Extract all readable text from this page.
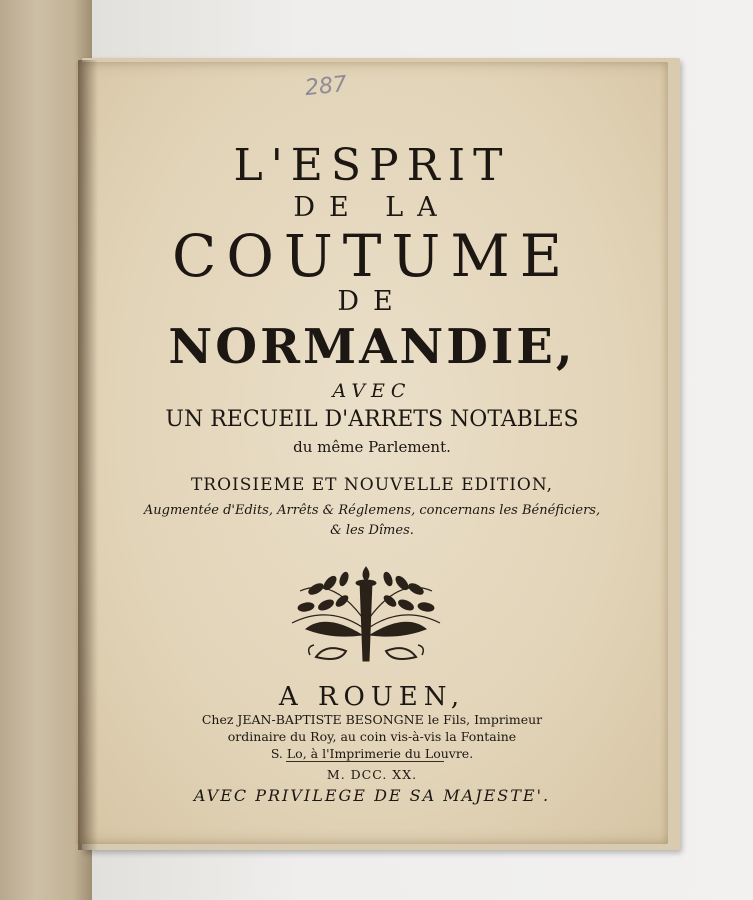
287
L'ESPRIT
DE LA
COUTUME
DE
NORMANDIE,
AVEC
UN RECUEIL D'ARRETS NOTABLES
du même Parlement.
TROISIEME ET NOUVELLE EDITION,
Augmentée d'Edits, Arrêts & Réglemens, concernans les Bénéficiers,
& les Dîmes.
A ROUEN,
Chez JEAN-BAPTISTE BESONGNE le Fils, Imprimeur
ordinaire du Roy, au coin vis-à-vis la Fontaine
S. Lo, à l'Imprimerie du Louvre.
M. DCC. XX.
AVEC PRIVILEGE DE SA MAJESTE'.
